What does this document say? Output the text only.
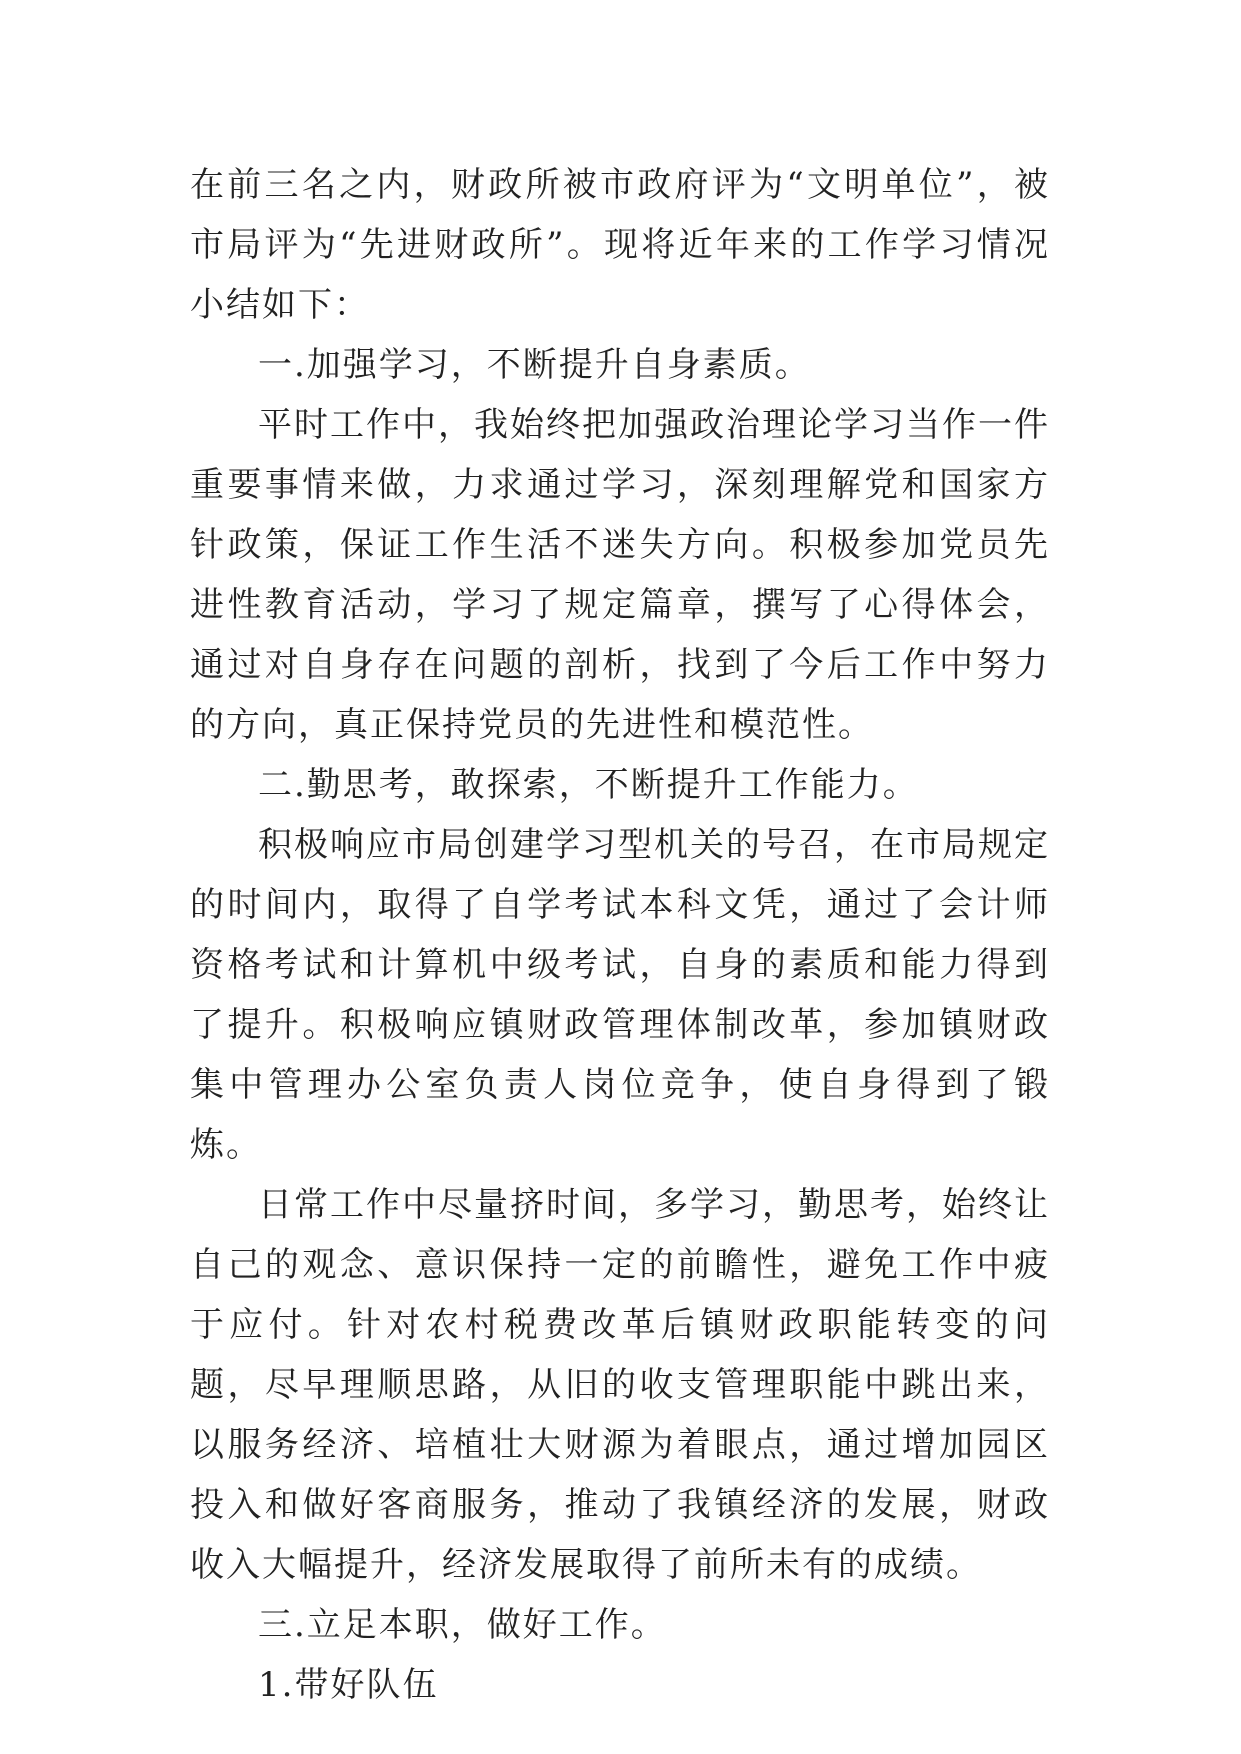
在前三名之内，财政所被市政府评为“文明单位”，被市局评为“先进财政所”。现将近年来的工作学习情况小结如下：

一.加强学习，不断提升自身素质。

平时工作中，我始终把加强政治理论学习当作一件重要事情来做，力求通过学习，深刻理解党和国家方针政策，保证工作生活不迷失方向。积极参加党员先进性教育活动，学习了规定篇章，撰写了心得体会，通过对自身存在问题的剖析，找到了今后工作中努力的方向，真正保持党员的先进性和模范性。

二.勤思考，敢探索，不断提升工作能力。

积极响应市局创建学习型机关的号召，在市局规定的时间内，取得了自学考试本科文凭，通过了会计师资格考试和计算机中级考试，自身的素质和能力得到了提升。积极响应镇财政管理体制改革，参加镇财政集中管理办公室负责人岗位竞争，使自身得到了锻炼。

日常工作中尽量挤时间，多学习，勤思考，始终让自己的观念、意识保持一定的前瞻性，避免工作中疲于应付。针对农村税费改革后镇财政职能转变的问题，尽早理顺思路，从旧的收支管理职能中跳出来，以服务经济、培植壮大财源为着眼点，通过增加园区投入和做好客商服务，推动了我镇经济的发展，财政收入大幅提升，经济发展取得了前所未有的成绩。

三.立足本职，做好工作。

1.带好队伍
